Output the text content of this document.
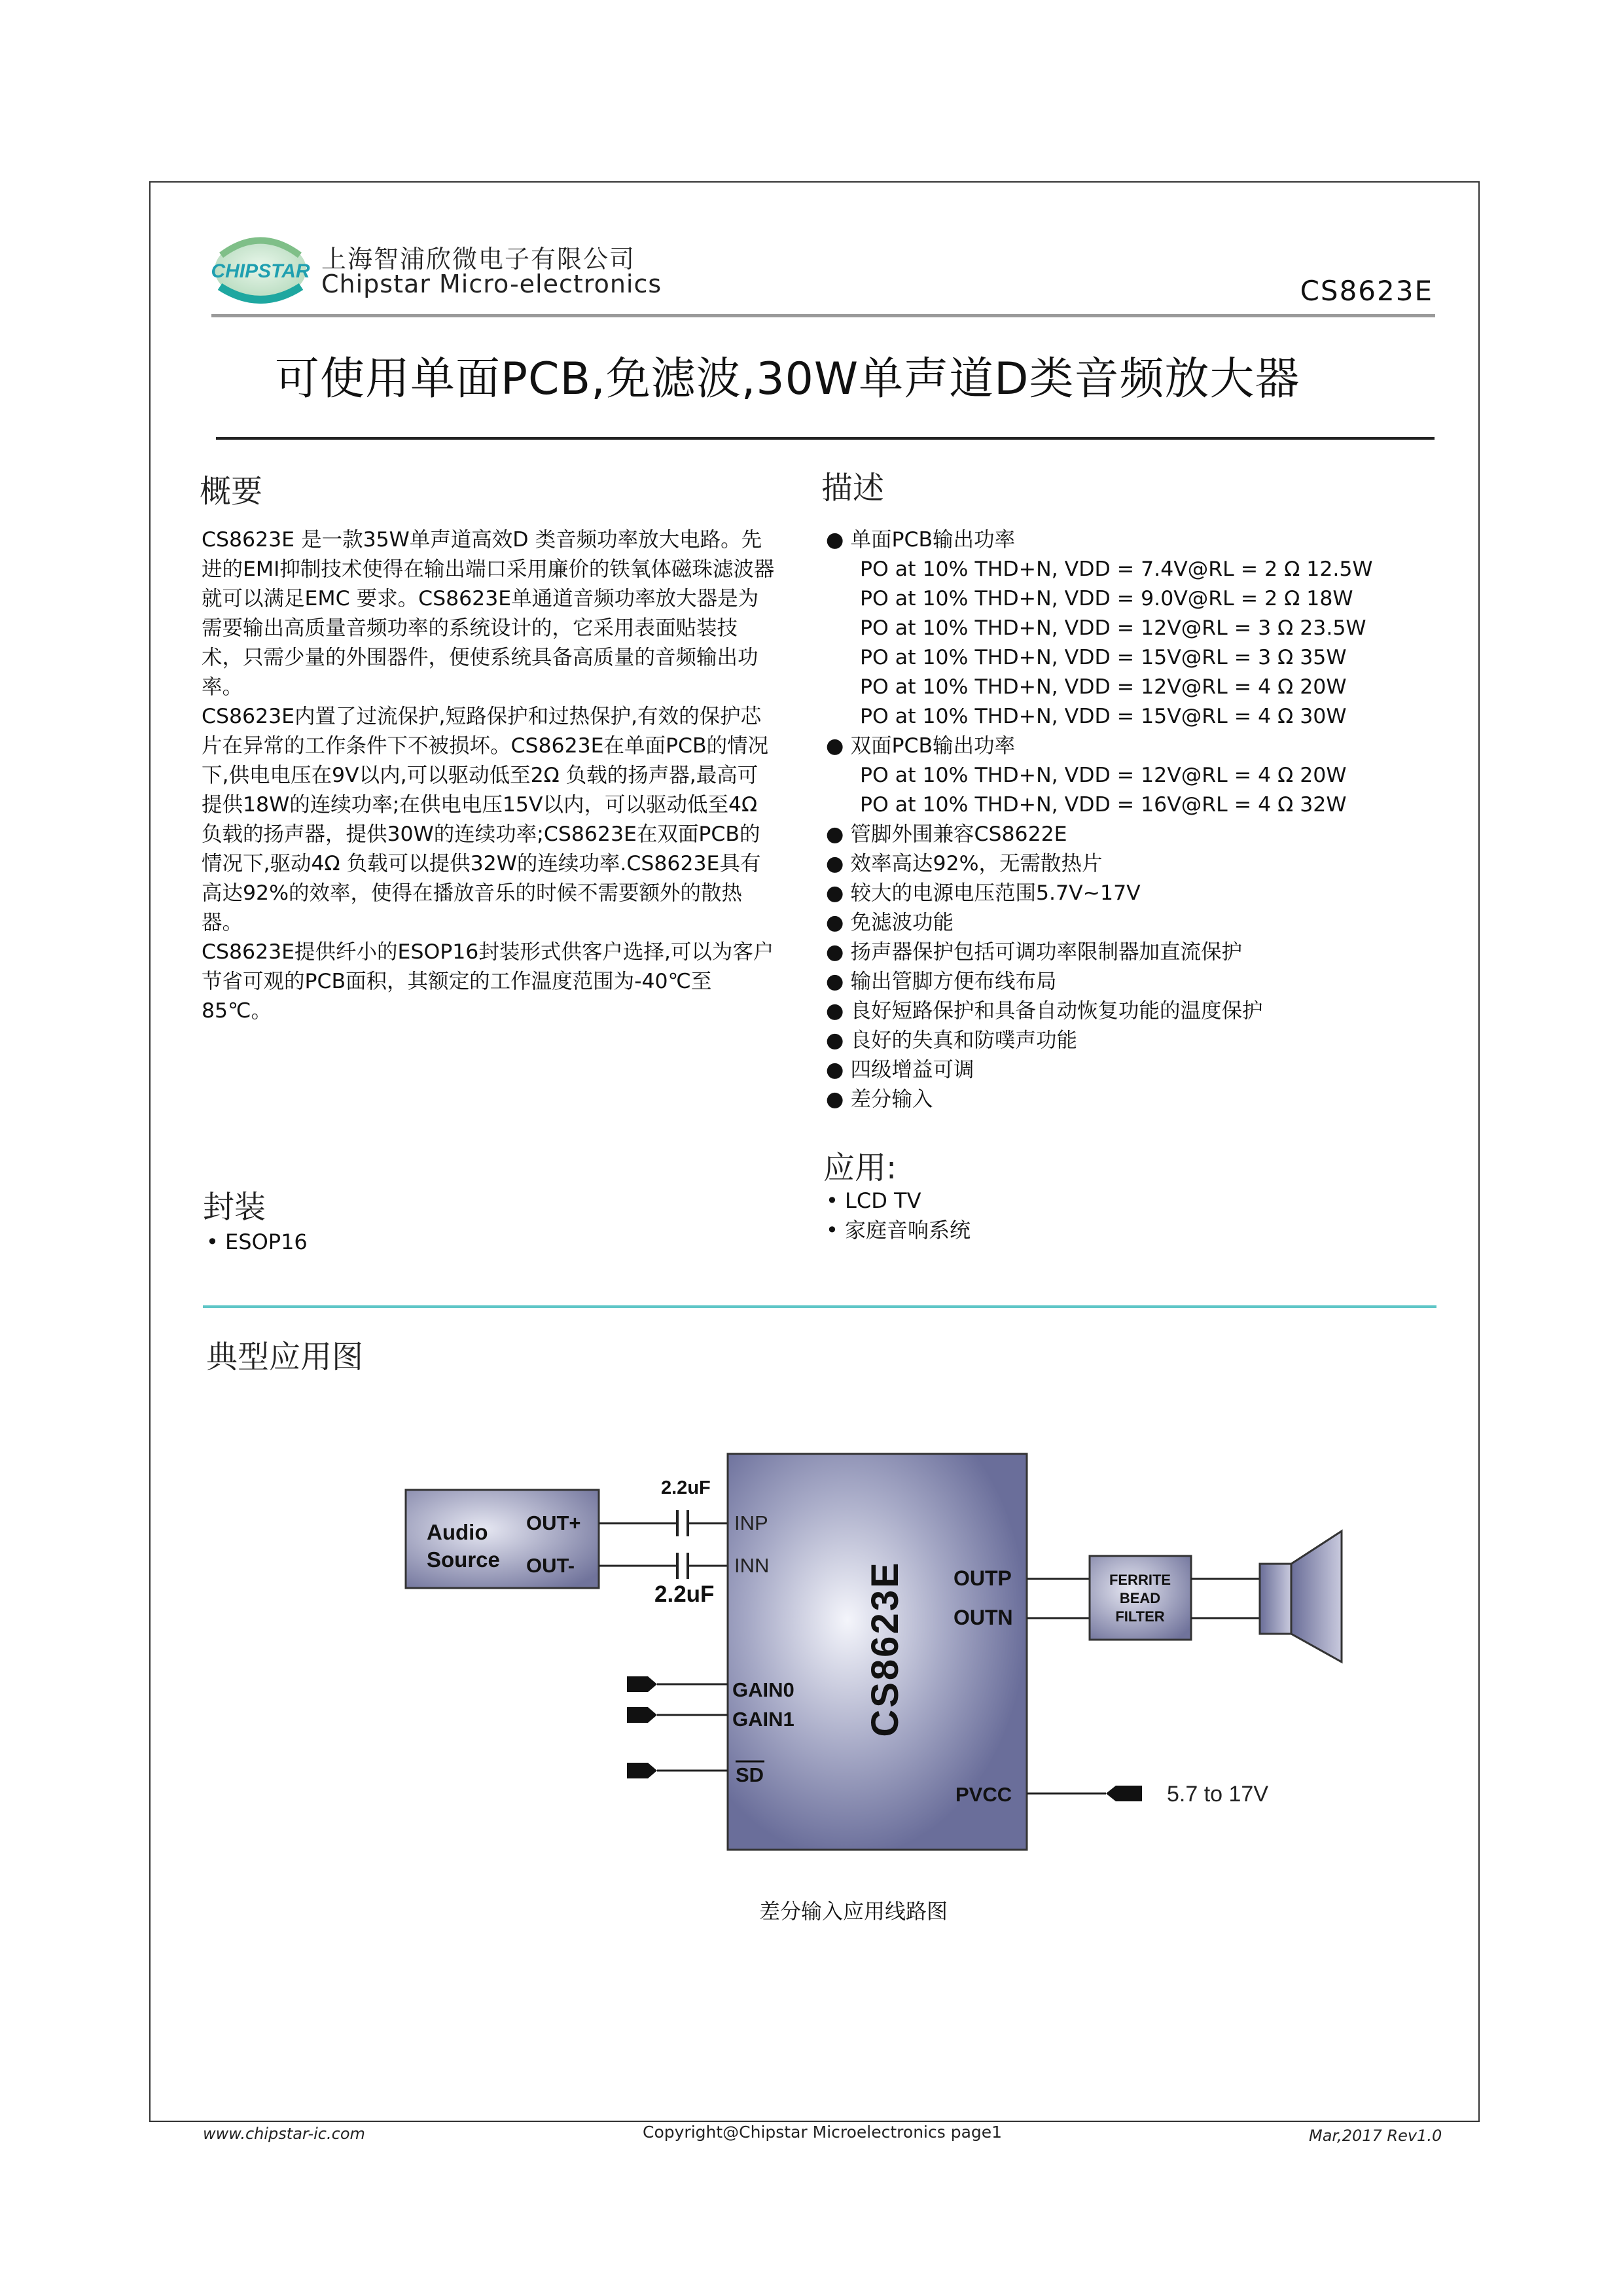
CHIPSTAR 上海智浦欣微电子有限公司
Chipstar Micro-electronics	CS8623E
可使用单面PCB,免滤波,30W单声道D类音频放大器
概要

CS8623E 是一款35W单声道高效D 类音频功率放大电路。先进的EMI抑制技术使得在输出端口采用廉价的铁氧体磁珠滤波器就可以满足EMC 要求。CS8623E单通道音频功率放大器是为需要输出高质量音频功率的系统设计的，它采用表面贴装技术，只需少量的外围器件，便使系统具备高质量的音频输出功率。

CS8623E内置了过流保护,短路保护和过热保护,有效的保护芯片在异常的工作条件下不被损坏。CS8623E在单面PCB的情况下,供电电压在9V以内,可以驱动低至2Ω 负载的扬声器,最高可提供18W的连续功率;在供电电压15V以内，可以驱动低至4Ω 负载的扬声器，提供30W的连续功率;CS8623E在双面PCB的情况下,驱动4Ω 负载可以提供32W的连续功率.CS8623E具有高达92%的效率，使得在播放音乐的时候不需要额外的散热器。

CS8623E提供纤小的ESOP16封装形式供客户选择,可以为客户节省可观的PCB面积，其额定的工作温度范围为-40℃至85℃。

描述
● 单面PCB输出功率
PO at 10% THD+N, VDD = 7.4V@RL = 2 Ω 12.5W
PO at 10% THD+N, VDD = 9.0V@RL = 2 Ω 18W
PO at 10% THD+N, VDD = 12V@RL = 3 Ω 23.5W
PO at 10% THD+N, VDD = 15V@RL = 3 Ω 35W
PO at 10% THD+N, VDD = 12V@RL = 4 Ω 20W
PO at 10% THD+N, VDD = 15V@RL = 4 Ω 30W
● 双面PCB输出功率
PO at 10% THD+N, VDD = 12V@RL = 4 Ω 20W
PO at 10% THD+N, VDD = 16V@RL = 4 Ω 32W
● 管脚外围兼容CS8622E
● 效率高达92%，无需散热片
● 较大的电源电压范围5.7V~17V
● 免滤波功能
● 扬声器保护包括可调功率限制器加直流保护
● 输出管脚方便布线布局
● 良好短路保护和具备自动恢复功能的温度保护
● 良好的失真和防噗声功能
● 四级增益可调
● 差分输入
封装
• ESOP16
应用:
• LCD TV
• 家庭音响系统
典型应用图
Audio
Source
OUT+
OUT-
2.2uF
2.2uF
INP
INN CS8623E OUTP
OUTN
GAIN0
GAIN1
SD
PVCC
FERRITE
BEAD
FILTER
5.7 to 17V
差分输入应用线路图
www.chipstar-ic.com	Copyright@Chipstar Microelectronics page1	Mar,2017 Rev1.0
